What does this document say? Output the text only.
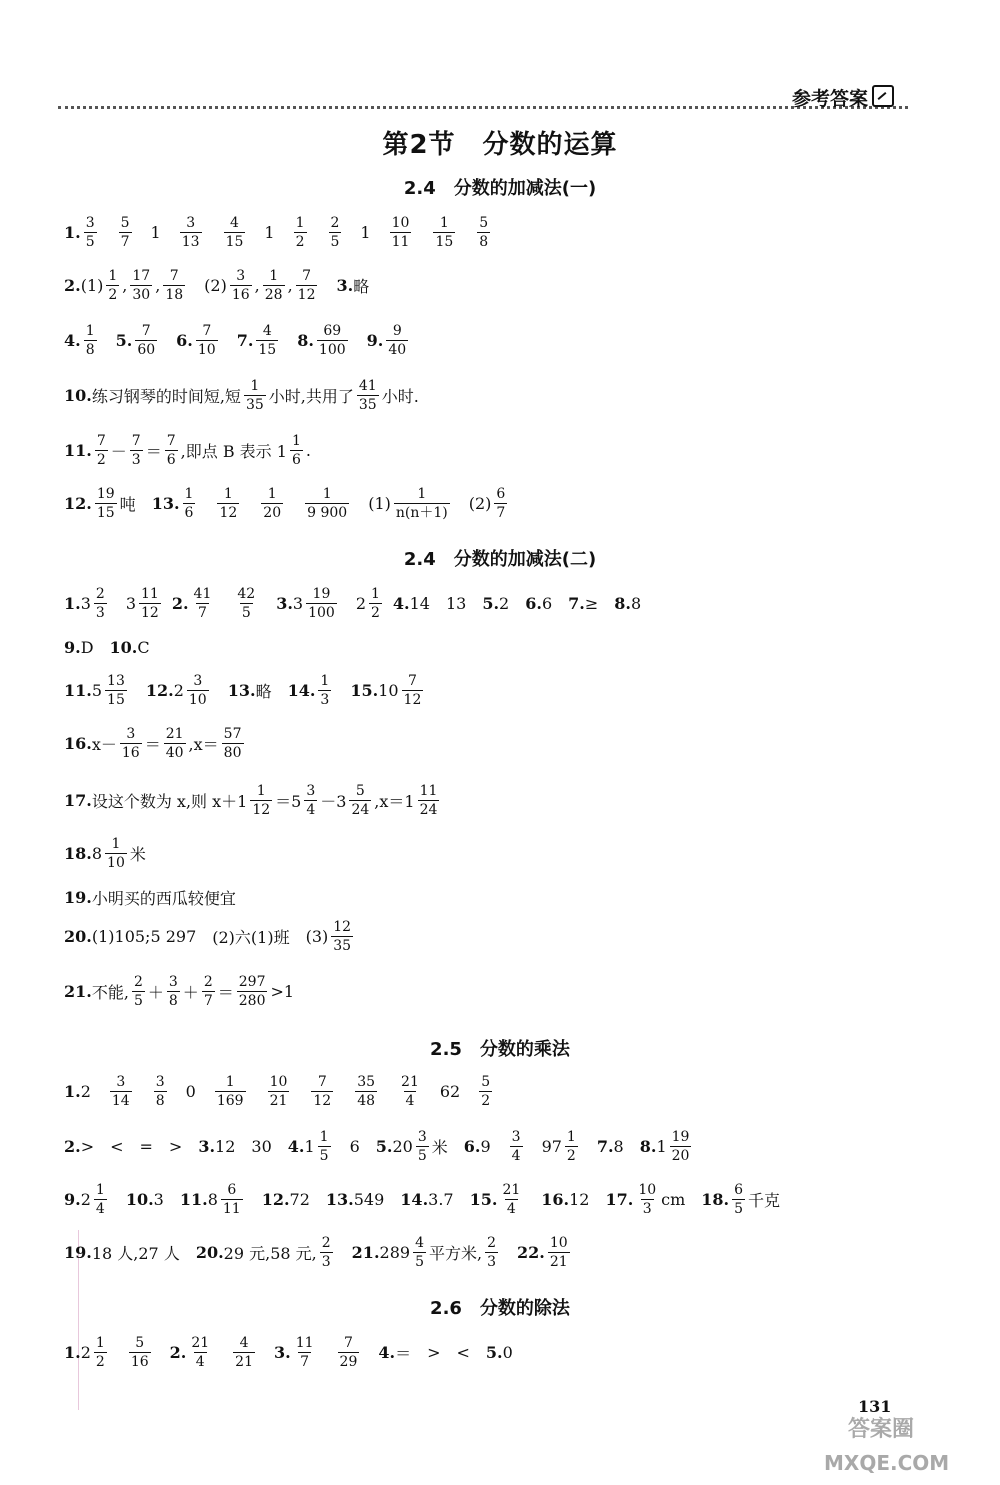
参考答案
第2节　分数的运算
2.4　分数的加减法(一)
1. $\frac{3}{5} \frac{5}{7} 1 \frac{3}{13} \frac{4}{15} 1 \frac{1}{2} \frac{2}{5} 1 \frac{10}{11} \frac{1}{15} \frac{5}{8}$
2. $(1) \frac{1}{2}$ , $\frac{17}{30}$ , $\frac{7}{18} (2) \frac{3}{16}$ , $\frac{1}{28}$ , $\frac{7}{12} 3$. 略
4. $\frac{1}{8} 5$. $\frac{7}{60} 6$. $\frac{7}{10} 7$. $\frac{4}{15} 8$. $\frac{69}{100} 9$. $\frac{9}{40}$
10. 练习钢琴的时间短,短 $\frac{1}{35}$ 小时,共用了 $\frac{41}{35}$ 小时.
11. $\frac{7}{2} - \frac{7}{3} = \frac{7}{6}$ ,即点 B 表示 $1 \frac{1}{6}$ .
12. $\frac{19}{15}$ 吨 13. $\frac{1}{6} \frac{1}{12} \frac{1}{20} \frac{1}{9 900} (1) \frac{1}{n(n+1)} (2) \frac{6}{7}$
2.4　分数的加减法(二)
1. $3 \frac{2}{3} 3 \frac{11}{12} 2$. $\frac{41}{7} \frac{42}{5} 3$. $3 \frac{19}{100} 2 \frac{1}{2} 4$. 14 13 5. 2 6. 6 7. ≥ 8. 8
9. D 10. C
11. $5 \frac{13}{15} 12$. $2 \frac{3}{10} 13$. 略 14. $\frac{1}{3} 15$. $10 \frac{7}{12}$
16. $x- \frac{3}{16} = \frac{21}{40} ,x= \frac{57}{80}$
17. 设这个数为 x,则 $x+1 \frac{1}{12} =5 \frac{3}{4} -3 \frac{5}{24} ,x=1 \frac{11}{24}$
18. $8 \frac{1}{10}$ 米
19. 小明买的西瓜较便宜
20. (1)105;5 297 (2)六(1)班 $(3) \frac{12}{35}$
21. 不能, $\frac{2}{5} + \frac{3}{8} + \frac{2}{7} = \frac{297}{280} >1$
2.5　分数的乘法
1. $2 \frac{3}{14} \frac{3}{8} 0 \frac{1}{169} \frac{10}{21} \frac{7}{12} \frac{35}{48} \frac{21}{4} 62 \frac{5}{2}$
2. > < = > 3. 12 30 4. $1 \frac{1}{5} 6$ 5. $20 \frac{3}{5}$ 米 6. $9 \frac{3}{4} 97 \frac{1}{2} 7$. 8 8. $1 \frac{19}{20}$
9. $2 \frac{1}{4} 10$. 3 11. $8 \frac{6}{11} 12$. 72 13. 549 14. 3.7 15. $\frac{21}{4} 16$. 12 17. $\frac{10}{3}$ cm 18. $\frac{6}{5}$ 千克
19. 18 人,27 人 20. 29 元,58 元, $\frac{2}{3} 21$. $289 \frac{4}{5}$ 平方米, $\frac{2}{3} 22$. $\frac{10}{21}$
2.6　分数的除法
1. $2 \frac{1}{2} \frac{5}{16} 2$. $\frac{21}{4} \frac{4}{21} 3$. $\frac{11}{7} \frac{7}{29} 4$. ＝ > < 5. 0
131
答案圈
MXQE.COM
